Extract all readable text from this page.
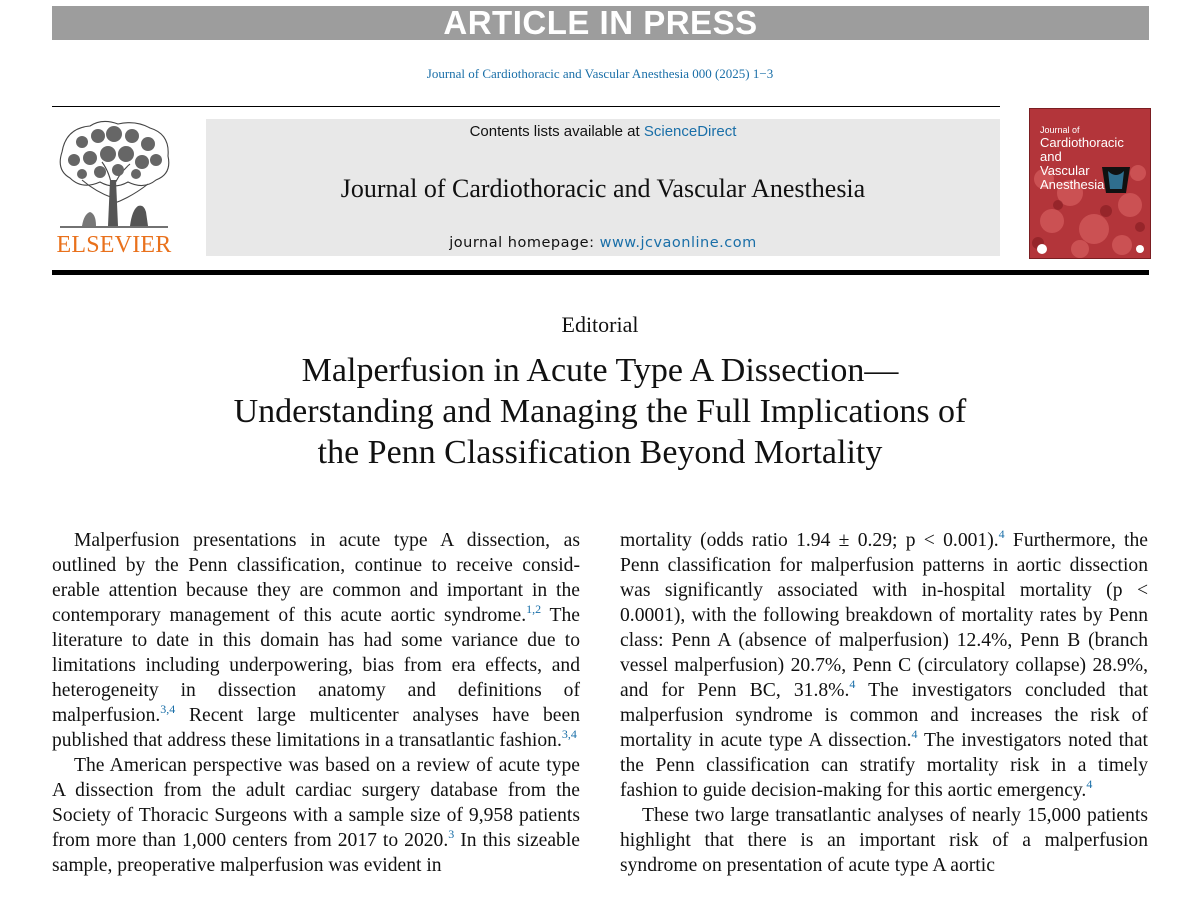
ARTICLE IN PRESS
Journal of Cardiothoracic and Vascular Anesthesia 000 (2025) 1−3
ELSEVIER
Contents lists available at ScienceDirect
Journal of Cardiothoracic and Vascular Anesthesia
journal homepage: www.jcvaonline.com
Journal of
Cardiothoracic and
Vascular Anesthesia
Editorial
Malperfusion in Acute Type A Dissection—
Understanding and Managing the Full Implications of
the Penn Classification Beyond Mortality

Malperfusion presentations in acute type A dissection, as outlined by the Penn classification, continue to receive considerable attention because they are common and important in the contemporary management of this acute aortic syndrome.$^{1,2}$ The literature to date in this domain has had some variance due to limitations including underpowering, bias from era effects, and heterogeneity in dissection anatomy and definitions of malperfusion.$^{3,4}$ Recent large multicenter analyses have been published that address these limitations in a transatlantic fashion.$^{3,4}$

The American perspective was based on a review of acute type A dissection from the adult cardiac surgery database from the Society of Thoracic Surgeons with a sample size of 9,958 patients from more than 1,000 centers from 2017 to 2020.$^3$ In this sizeable sample, preoperative malperfusion was evident in

mortality (odds ratio 1.94 ± 0.29; p < 0.001).$^4$ Furthermore, the Penn classification for malperfusion patterns in aortic dissection was significantly associated with in-hospital mortality (p < 0.0001), with the following breakdown of mortality rates by Penn class: Penn A (absence of malperfusion) 12.4%, Penn B (branch vessel malperfusion) 20.7%, Penn C (circulatory collapse) 28.9%, and for Penn BC, 31.8%.$^4$ The investigators concluded that malperfusion syndrome is common and increases the risk of mortality in acute type A dissection.$^4$ The investigators noted that the Penn classification can stratify mortality risk in a timely fashion to guide decision-making for this aortic emergency.$^4$

These two large transatlantic analyses of nearly 15,000 patients highlight that there is an important risk of a malperfusion syndrome on presentation of acute type A aortic
